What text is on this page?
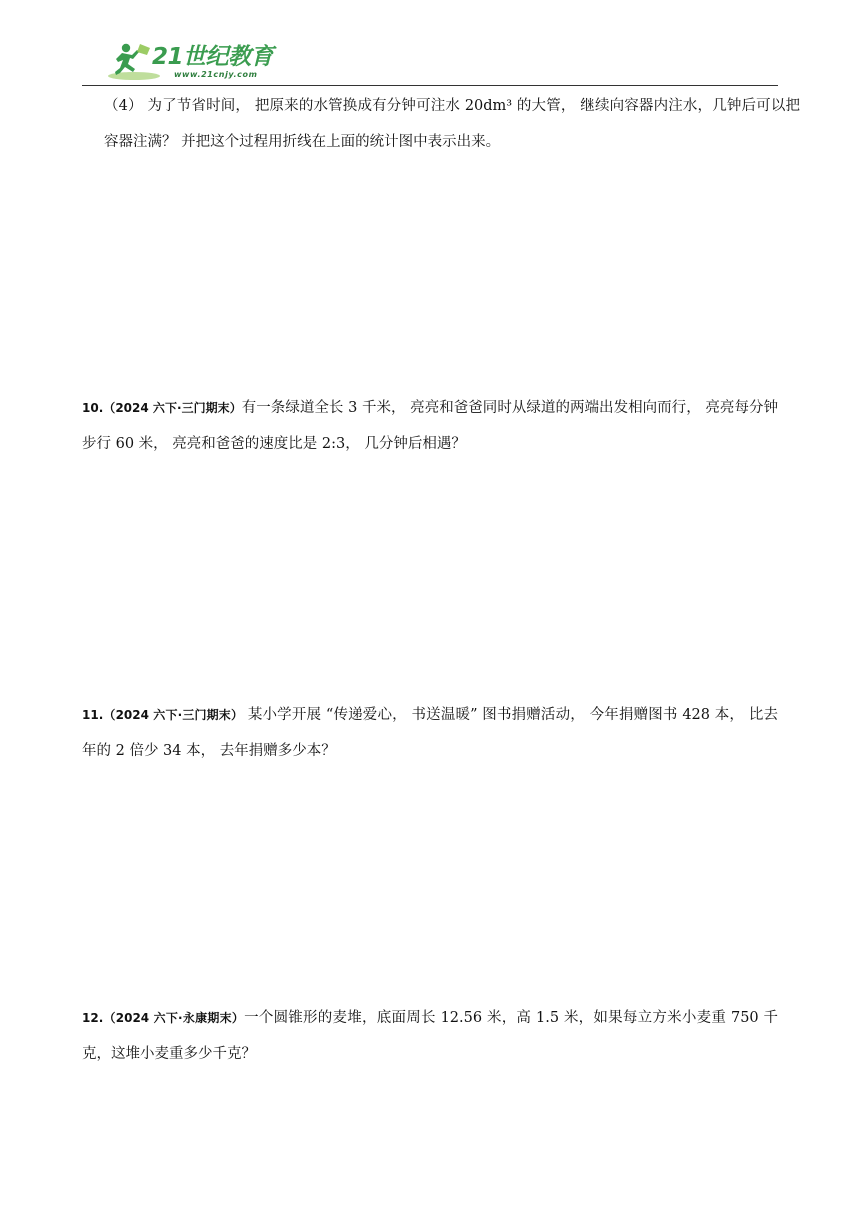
21世纪教育
www.21cnjy.com
（4） 为了节省时间， 把原来的水管换成有分钟可注水 20dm³ 的大管， 继续向容器内注水，几钟后可以把容器注满？ 并把这个过程用折线在上面的统计图中表示出来。
10.（2024 六下·三门期末）有一条绿道全长 3 千米， 亮亮和爸爸同时从绿道的两端出发相向而行， 亮亮每分钟步行 60 米， 亮亮和爸爸的速度比是 2:3， 几分钟后相遇？
11.（2024 六下·三门期末） 某小学开展 “传递爱心， 书送温暖” 图书捐赠活动， 今年捐赠图书 428 本， 比去年的 2 倍少 34 本， 去年捐赠多少本？
12.（2024 六下·永康期末）一个圆锥形的麦堆，底面周长 12.56 米，高 1.5 米，如果每立方米小麦重 750 千克，这堆小麦重多少千克？
